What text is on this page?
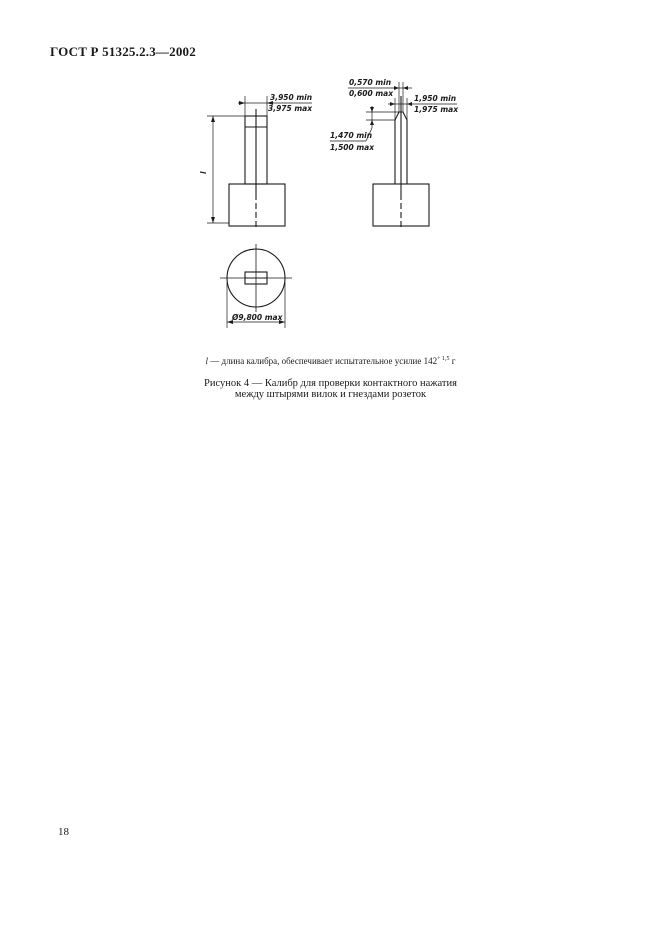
ГОСТ Р 51325.2.3—2002
3,950 min
3,975 max
l
Ø9,800 max
0,570 min
0,600 max
1,950 min
1,975 max
1,470 min
1,500 max
l — длина калибра, обеспечивает испытательное усилие $142^{+ 1,5}$ г
Рисунок 4 — Калибр для проверки контактного нажатия
между штырями вилок и гнездами розеток
18
